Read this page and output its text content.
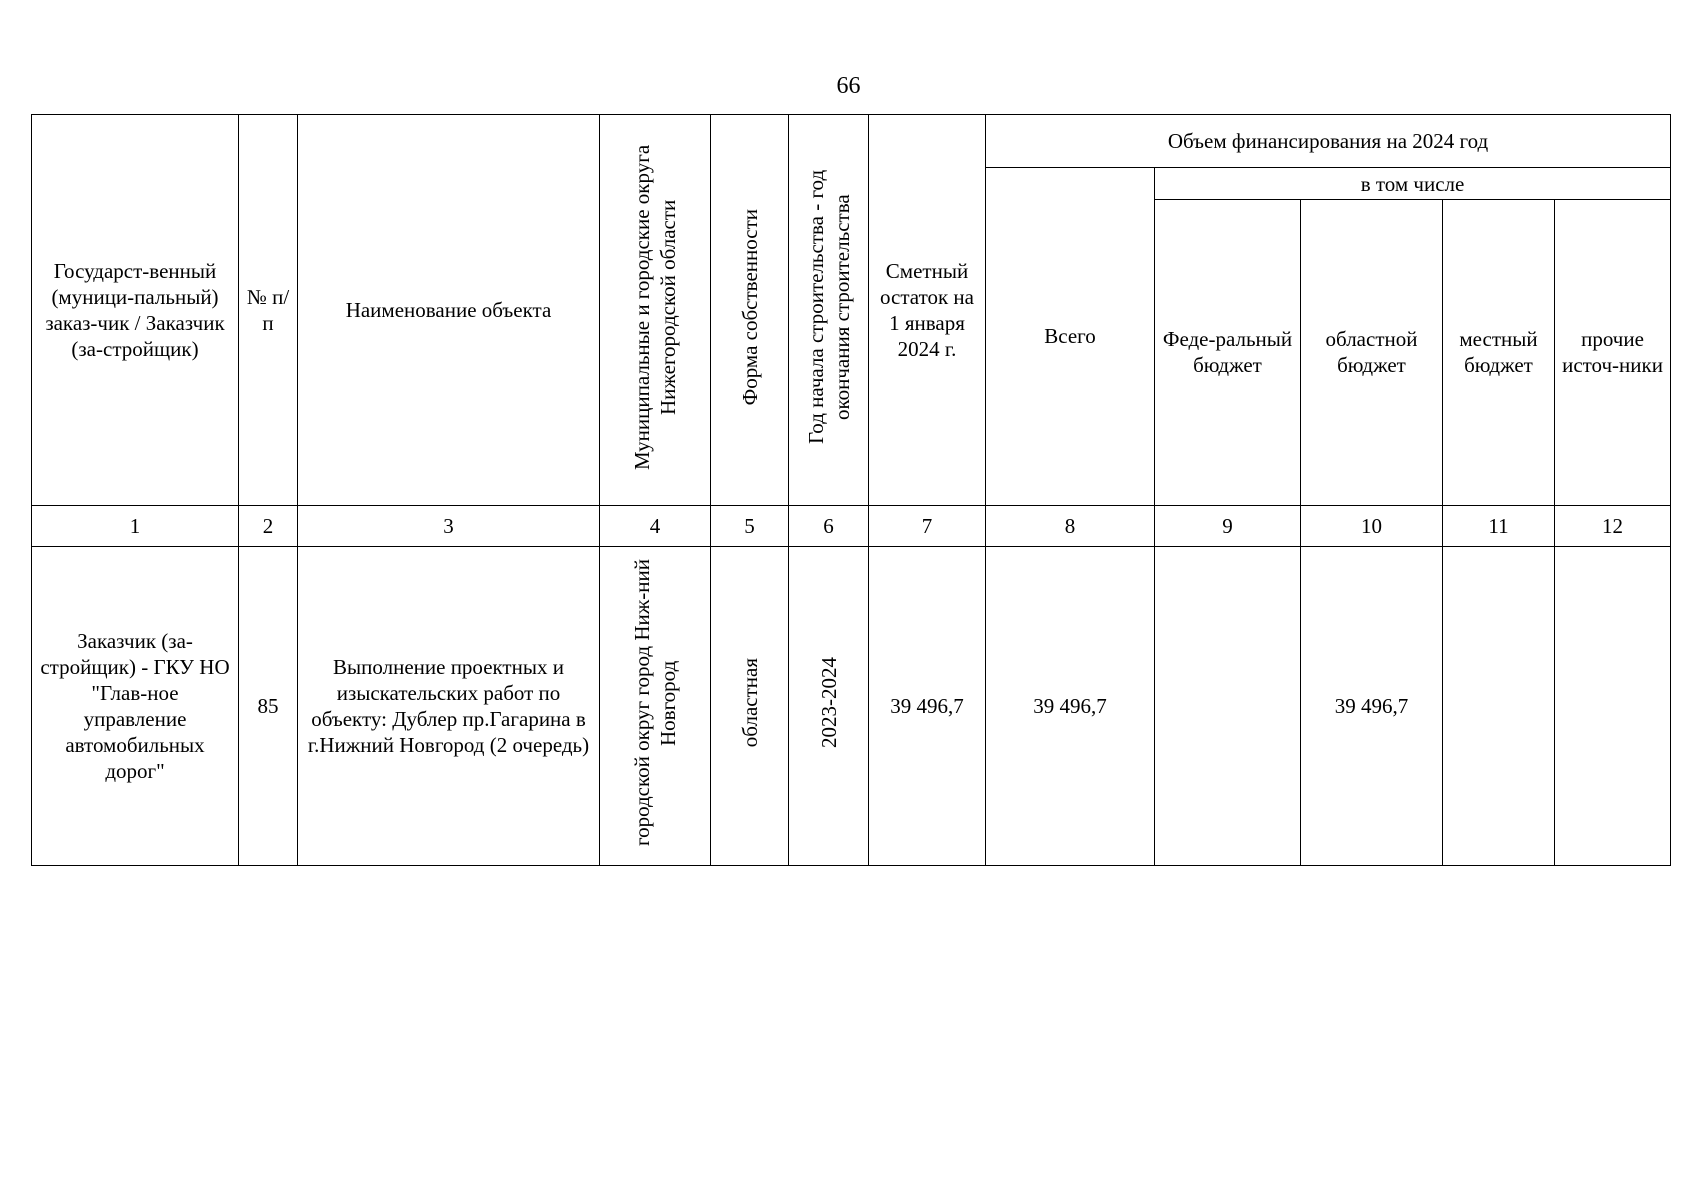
66
Государст-венный (муници-пальный) заказ-чик / Заказчик (за-стройщик)	№ п/п	Наименование объекта	Муниципальные и городские округа Нижегородской области	Форма собственности	Год начала строительства - год окончания строительства	Сметный остаток на 1 января 2024 г.	Объем финансирования на 2024 год				
							Всего	в том числе			
								Феде-ральный бюджет	областной бюджет	местный бюджет	прочие источ-ники
1	2	3	4	5	6	7	8	9	10	11	12
Заказчик (за-стройщик) - ГКУ НО "Глав-ное управление автомобильных дорог"	85	Выполнение проектных и изыскательских работ по объекту: Дублер пр.Гагарина в г.Нижний Новгород (2 очередь)	городской округ город Ниж-ний Новгород	областная	2023-2024	39 496,7	39 496,7		39 496,7		
